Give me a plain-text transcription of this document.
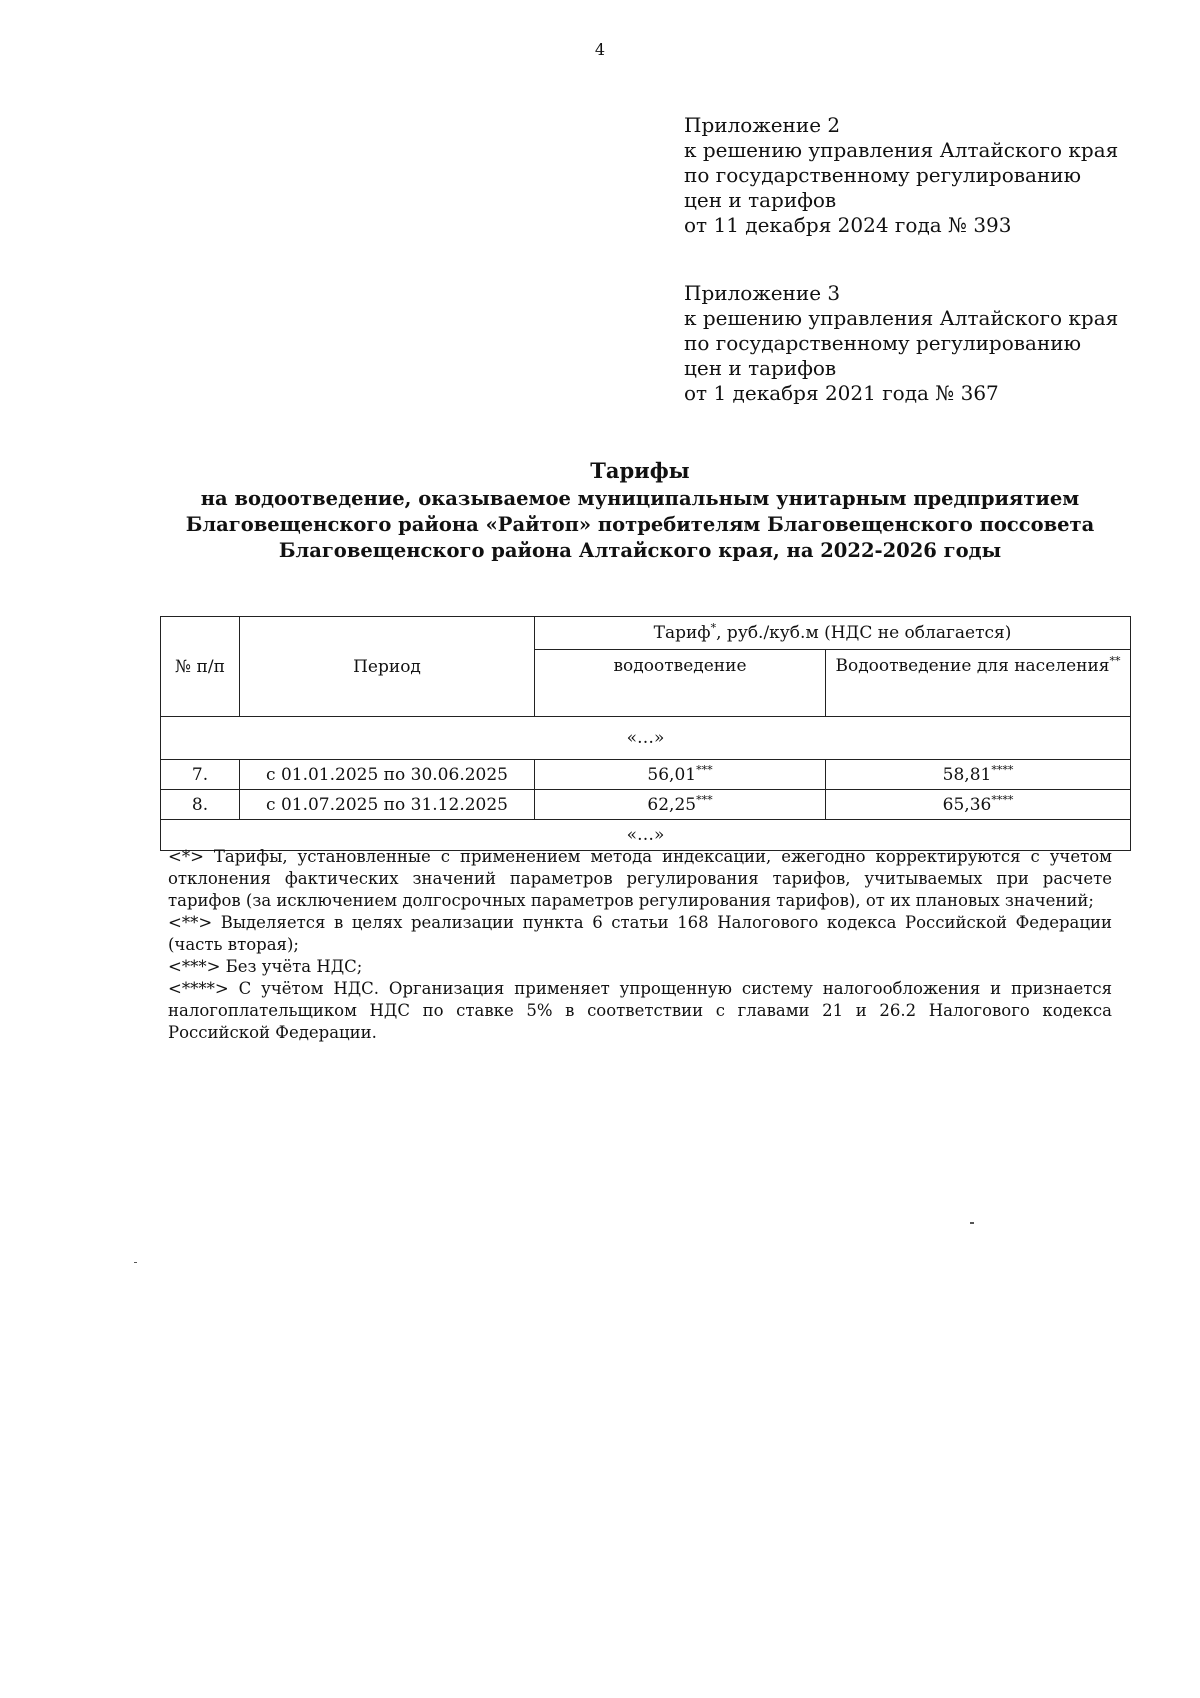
4
Приложение 2
к решению управления Алтайского края
по государственному регулированию
цен и тарифов
от 11 декабря 2024 года № 393
Приложение 3
к решению управления Алтайского края
по государственному регулированию
цен и тарифов
от 1 декабря 2021 года № 367
Тарифы
на водоотведение, оказываемое муниципальным унитарным предприятием
Благовещенского района «Райтоп» потребителям Благовещенского поссовета
Благовещенского района Алтайского края, на 2022-2026 годы
№ п/п	Период	Тариф*, руб./куб.м (НДС не облагается)	
		водоотведение	Водоотведение для населения**
«…»			
7.	с 01.01.2025 по 30.06.2025	56,01***	58,81****
8.	с 01.07.2025 по 31.12.2025	62,25***	65,36****
«…»			

<*> Тарифы, установленные с применением метода индексации, ежегодно корректируются с учетом отклонения фактических значений параметров регулирования тарифов, учитываемых при расчете тарифов (за исключением долгосрочных параметров регулирования тарифов), от их плановых значений;

<**> Выделяется в целях реализации пункта 6 статьи 168 Налогового кодекса Российской Федерации (часть вторая);

<***> Без учёта НДС;

<****> С учётом НДС. Организация применяет упрощенную систему налогообложения и признается налогоплательщиком НДС по ставке 5% в соответствии с главами 21 и 26.2 Налогового кодекса Российской Федерации.
